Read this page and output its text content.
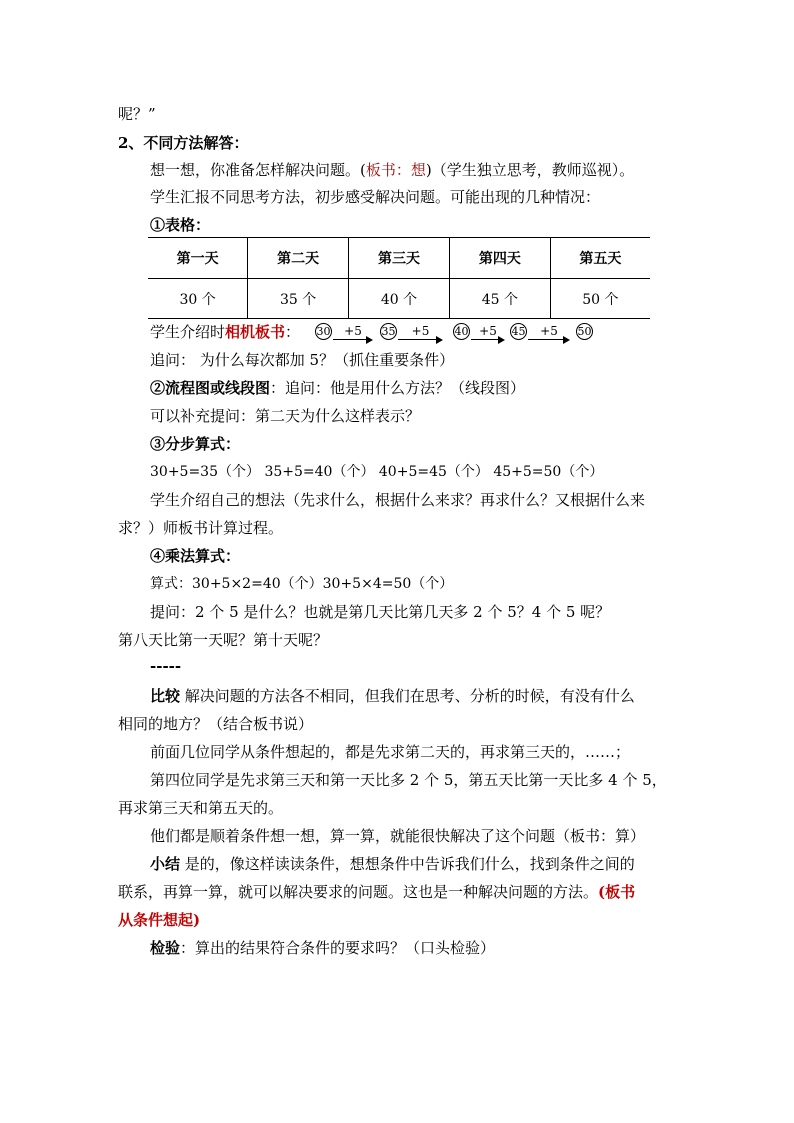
呢？”
2、不同方法解答：
想一想，你准备怎样解决问题。(板书：想)（学生独立思考，教师巡视）。
学生汇报不同思考方法，初步感受解决问题。可能出现的几种情况：
①表格：
第一天	第二天	第三天	第四天	第五天
30 个	35 个	40 个	45 个	50 个
学生介绍时相机板书： 30	+5	35	+5	40 +5	45	+5	50
追问： 为什么每次都加 5？（抓住重要条件）
②流程图或线段图：追问：他是用什么方法？（线段图）
可以补充提问：第二天为什么这样表示？
③分步算式：
30+5=35（个） 35+5=40（个） 40+5=45（个） 45+5=50（个）
学生介绍自己的想法（先求什么，根据什么来求？再求什么？又根据什么来
求？）师板书计算过程。
④乘法算式：
算式：30+5×2=40（个）30+5×4=50（个）
提问：2 个 5 是什么？也就是第几天比第几天多 2 个 5？4 个 5 呢？
第八天比第一天呢？第十天呢？
-----
比较 解决问题的方法各不相同，但我们在思考、分析的时候，有没有什么
相同的地方？（结合板书说）
前面几位同学从条件想起的，都是先求第二天的，再求第三天的，……；
第四位同学是先求第三天和第一天比多 2 个 5，第五天比第一天比多 4 个 5，
再求第三天和第五天的。
他们都是顺着条件想一想，算一算，就能很快解决了这个问题（板书：算）
小结 是的，像这样读读条件，想想条件中告诉我们什么，找到条件之间的
联系，再算一算，就可以解决要求的问题。这也是一种解决问题的方法。(板书
从条件想起)
检验：算出的结果符合条件的要求吗？（口头检验）
